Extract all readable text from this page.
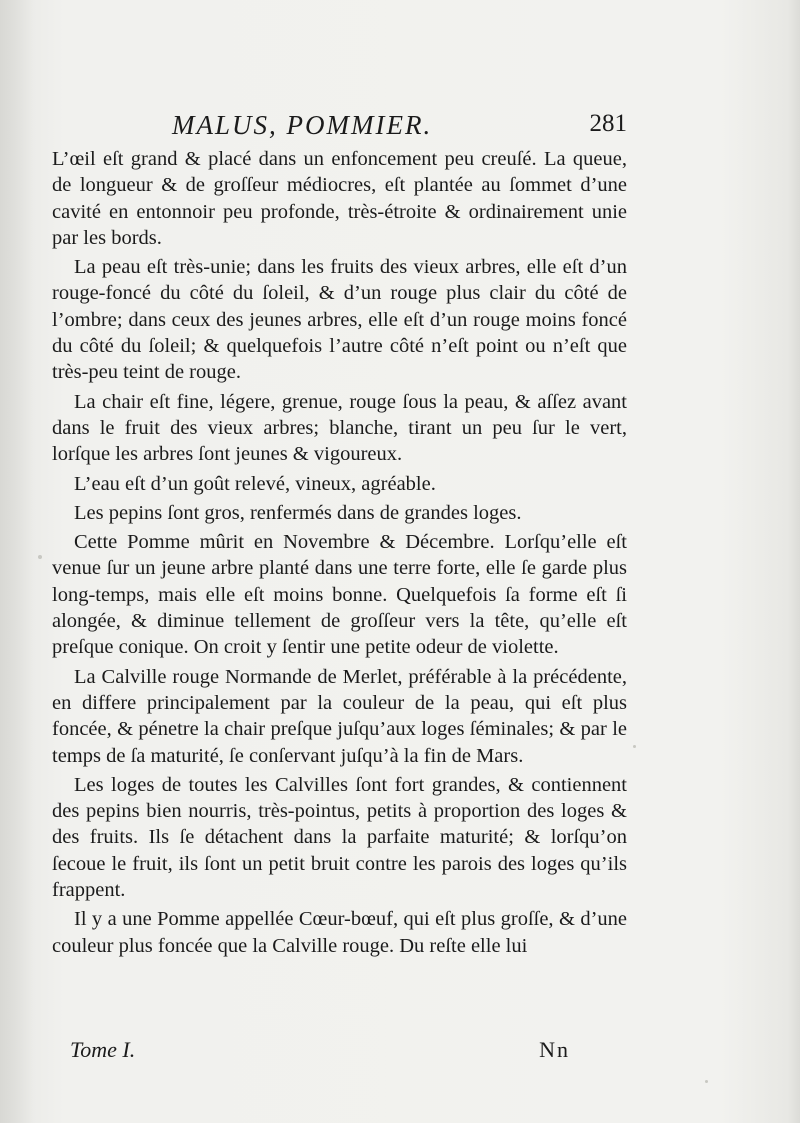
MALUS, POMMIER.	281

L’œil eſt grand & placé dans un enfoncement peu creuſé. La queue, de longueur & de groſſeur médiocres, eſt plantée au ſommet d’une cavité en entonnoir peu profonde, très-étroite & ordinairement unie par les bords.

La peau eſt très-unie; dans les fruits des vieux arbres, elle eſt d’un rouge-foncé du côté du ſoleil, & d’un rouge plus clair du côté de l’ombre; dans ceux des jeunes arbres, elle eſt d’un rouge moins foncé du côté du ſoleil; & quelquefois l’autre côté n’eſt point ou n’eſt que très-peu teint de rouge.

La chair eſt fine, légere, grenue, rouge ſous la peau, & aſſez avant dans le fruit des vieux arbres; blanche, tirant un peu ſur le vert, lorſque les arbres ſont jeunes & vigoureux.

L’eau eſt d’un goût relevé, vineux, agréable.

Les pepins ſont gros, renfermés dans de grandes loges.

Cette Pomme mûrit en Novembre & Décembre. Lorſqu’elle eſt venue ſur un jeune arbre planté dans une terre forte, elle ſe garde plus long-temps, mais elle eſt moins bonne. Quelquefois ſa forme eſt ſi alongée, & diminue tellement de groſſeur vers la tête, qu’elle eſt preſque conique. On croit y ſentir une petite odeur de violette.

La Calville rouge Normande de Merlet, préférable à la précédente, en differe principalement par la couleur de la peau, qui eſt plus foncée, & pénetre la chair preſque juſqu’aux loges ſéminales; & par le temps de ſa maturité, ſe conſervant juſqu’à la fin de Mars.

Les loges de toutes les Calvilles ſont fort grandes, & contiennent des pepins bien nourris, très-pointus, petits à proportion des loges & des fruits. Ils ſe détachent dans la parfaite maturité; & lorſqu’on ſecoue le fruit, ils ſont un petit bruit contre les parois des loges qu’ils frappent.

Il y a une Pomme appellée Cœur-bœuf, qui eſt plus groſſe, & d’une couleur plus foncée que la Calville rouge. Du reſte elle lui

Tome I.	Nn
